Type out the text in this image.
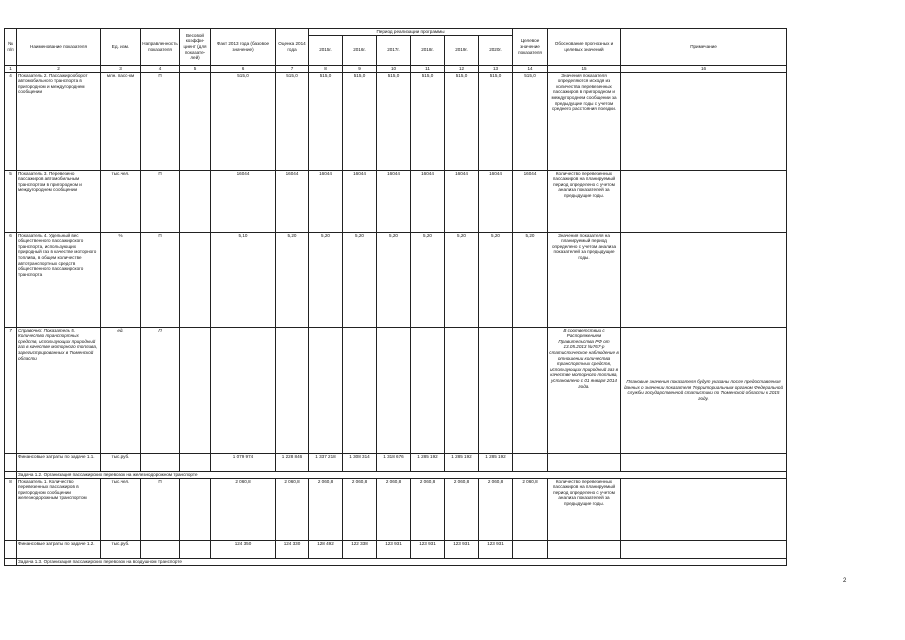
№ п/п	Наименование показателя	Ед. изм.	Направленность показателя	Весовой коэффи-циент (для показате-лей)	Факт 2013 года (базовое значение)	Оценка 2014 года	Период реализации программы						Целевое значение показателя	Обоснование прогнозных и целевых значений	Примечание
							2015г.	2016г.	2017г.	2018г.	2019г.	2020г.			
1	2	3	4	5	6	7	8	9	10	11	12	13	14	15	16
4	Показатель 2. Пассажирооборот автомобильного транспорта в пригородном и междугороднем сообщении	млн. пасс-км	П		515,0	515,0	515,0	515,0	515,0	515,0	515,0	515,0	515,0	Значения показателя определяются исходя из количества перевезенных пассажиров в пригородном и междугороднем сообщении за предыдущие годы с учетом среднего расстояния поездки.	
5	Показатель 3. Перевезено пассажиров автомобильным транспортом в пригородном и междугороднем сообщении	тыс.чел.	П		16044	16044	16044	16044	16044	16044	16044	16044	16044	Количество перевезенных пассажиров на планируемый период определено с учетом анализа показателей за предыдущие годы.	
6	Показатель 4. Удельный вес общественного пассажирского транспорта, использующих природный газ в качестве моторного топлива, в общем количестве автотранспортных средств общественного пассажирского транспорта	%	П		5,10	5,20	5,20	5,20	5,20	5,20	5,20	5,20	5,20	Значения показателя на планируемый период определено с учетом анализа показателей за предыдущие годы.	
7	Справочно: Показатель 5. Количество транспортных средств, использующих природный газ в качестве моторного топлива, зарегистрированных в Тюменской области	ед.	П											В соответствии с Распоряжением Правительства РФ от 13.05.2013 №767-р статистическое наблюдение в отношении количества транспортных средств, использующих природный газ в качестве моторного топлива, установлено с 01 января 2014 года.	Плановые значения показателя будут указаны после предоставления данных о значении показателя Территориальным органом Федеральной службы государственной статистики по Тюменской области к 2015 году.
	Финансовые затраты по задаче 1.1.	тыс.руб.			1 079 974	1 228 846	1 337 218	1 308 314	1 318 676	1 285 192	1 285 192	1 285 192			
	Задача 1.2. Организация пассажирских перевозок на железнодорожном транспорте														
8	Показатель 1. Количество перевезенных пассажиров в пригородном сообщении железнодорожным транспортом	тыс.чел.	П		2 060,8	2 060,8	2 060,8	2 060,8	2 060,8	2 060,8	2 060,8	2 060,8	2 060,8	Количество перевезенных пассажиров на планируемый период определено с учетом анализа показателей за предыдущие годы.	
	Финансовые затраты по задаче 1.2.	тыс.руб.			124 350	124 330	128 492	122 338	123 931	123 931	123 931	123 931			
	Задача 1.3. Организация пассажирских перевозок на воздушном транспорте														
2
